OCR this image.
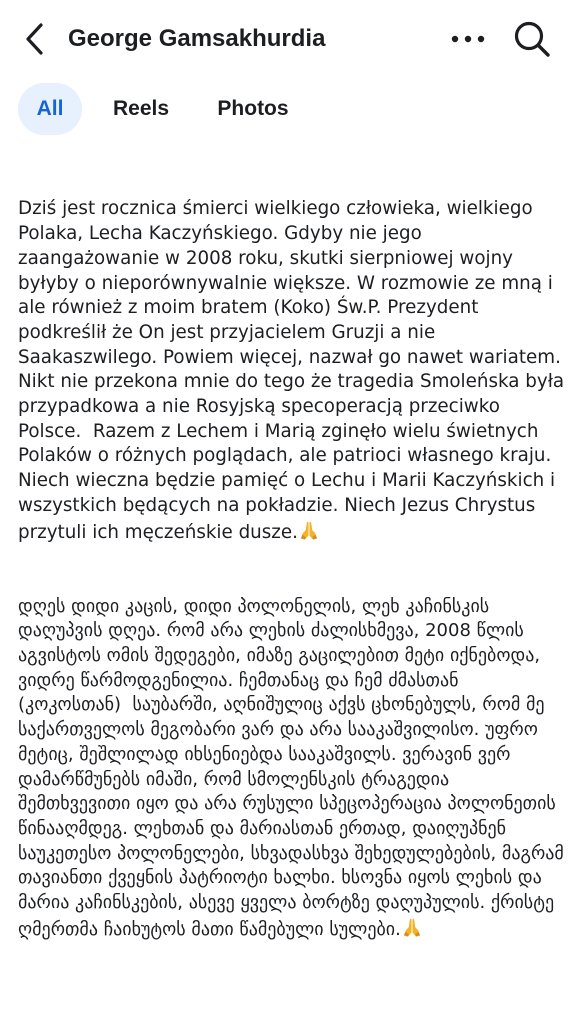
George Gamsakhurdia
All	Reels	Photos

Dziś jest rocznica śmierci wielkiego człowieka, wielkiego Polaka, Lecha Kaczyńskiego. Gdyby nie jego zaangażowanie w 2008 roku, skutki sierpniowej wojny byłyby o nieporównywalnie większe. W rozmowie ze mną i ale również z moim bratem (Koko) Św.P. Prezydent podkreślił że On jest przyjacielem Gruzji a nie Saakaszwilego. Powiem więcej, nazwał go nawet wariatem. Nikt nie przekona mnie do tego że tragedia Smoleńska była przypadkowa a nie Rosyjską specoperacją przeciwko Polsce.  Razem z Lechem i Marią zginęło wielu świetnych Polaków o różnych poglądach, ale patrioci własnego kraju. Niech wieczna będzie pamięć o Lechu i Marii Kaczyńskich i wszystkich będących na pokładzie. Niech Jezus Chrystus przytuli ich męczeńskie dusze.

დღეს დიდი კაცის, დიდი პოლონელის, ლეხ კაჩინსკის დაღუპვის დღეა. რომ არა ლეხის ძალისხმევა, 2008 წლის აგვისტოს ომის შედეგები, იმაზე გაცილებით მეტი იქნებოდა, ვიდრე წარმოდგენილია. ჩემთანაც და ჩემ ძმასთან (კოკოსთან)  საუბარში, აღნიშულიც აქვს ცხონებულს, რომ მე საქართველოს მეგობარი ვარ და არა სააკაშვილისო. უფრო მეტიც, შეშლილად იხსენიებდა სააკაშვილს. ვერავინ ვერ დამარწმუნებს იმაში, რომ სმოლენსკის ტრაგედია შემთხვევითი იყო და არა რუსული სპეცოპერაცია პოლონეთის წინააღმდეგ. ლეხთან და მარიასთან ერთად, დაიღუპნენ საუკეთესო პოლონელები, სხვადასხვა შეხედულებების, მაგრამ თავიანთი ქვეყნის პატრიოტი ხალხი. ხსოვნა იყოს ლეხის და მარია კაჩინსკების, ასევე ყველა ბორტზე დაღუპულის. ქრისტე ღმერთმა ჩაიხუტოს მათი წამებული სულები.
